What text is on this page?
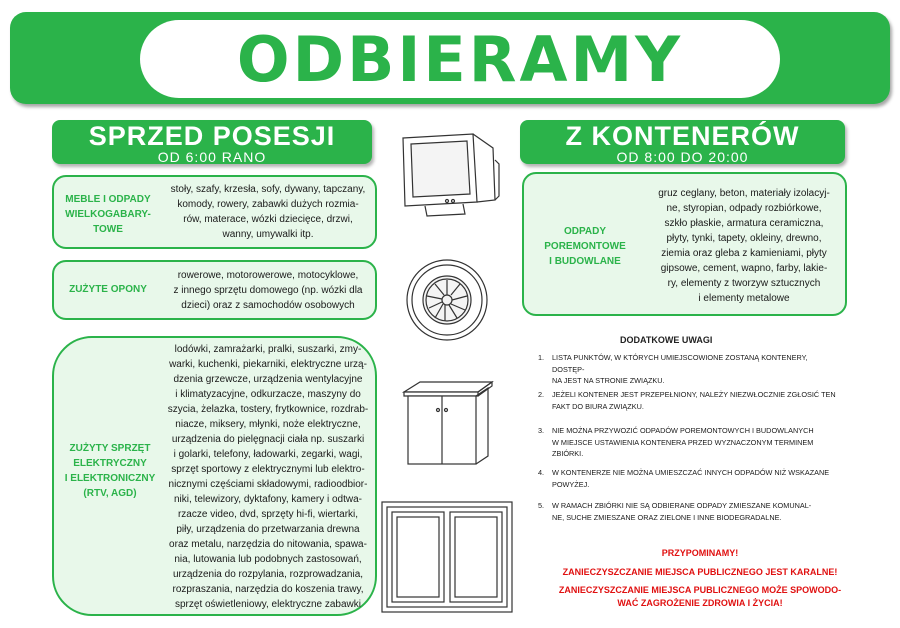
ODBIERAMY
SPRZED POSESJI
OD 6:00 RANO
Z KONTENERÓW
OD 8:00 DO 20:00
MEBLE I ODPADY
WIELKOGABARY-
TOWE
stoły, szafy, krzesła, sofy, dywany, tapczany,
komody, rowery, zabawki dużych rozmia-
rów, materace, wózki dziecięce, drzwi,
wanny, umywalki itp.
ZUŻYTE OPONY
rowerowe, motorowerowe, motocyklowe,
z innego sprzętu domowego (np. wózki dla
dzieci) oraz z samochodów osobowych
ZUŻYTY SPRZĘT
ELEKTRYCZNY
I ELEKTRONICZNY
(RTV, AGD)
lodówki, zamrażarki, pralki, suszarki, zmy-
warki, kuchenki, piekarniki, elektryczne urzą-
dzenia grzewcze, urządzenia wentylacyjne
i klimatyzacyjne, odkurzacze, maszyny do
szycia, żelazka, tostery, frytkownice, rozdrab-
niacze, miksery, młynki, noże elektryczne,
urządzenia do pielęgnacji ciała np. suszarki
i golarki, telefony, ładowarki, zegarki, wagi,
sprzęt sportowy z elektrycznymi lub elektro-
nicznymi częściami składowymi, radioodbior-
niki, telewizory, dyktafony, kamery i odtwa-
rzacze video, dvd, sprzęty hi-fi, wiertarki,
piły, urządzenia do przetwarzania drewna
oraz metalu, narzędzia do nitowania, spawa-
nia, lutowania lub podobnych zastosowań,
urządzenia do rozpylania, rozprowadzania,
rozpraszania, narzędzia do koszenia trawy,
sprzęt oświetleniowy, elektryczne zabawki
ODPADY
POREMONTOWE
I BUDOWLANE
gruz ceglany, beton, materiały izolacyj-
ne, styropian, odpady rozbiórkowe,
szkło płaskie, armatura ceramiczna,
płyty, tynki, tapety, okleiny, drewno,
ziemia oraz gleba z kamieniami, płyty
gipsowe, cement, wapno, farby, lakie-
ry, elementy z tworzyw sztucznych
i elementy metalowe
DODATKOWE UWAGI
1.	LISTA PUNKTÓW, W KTÓRYCH UMIEJSCOWIONE ZOSTANĄ KONTENERY, DOSTĘP-
NA JEST NA STRONIE ZWIĄZKU.
2.	JEŻELI KONTENER JEST PRZEPEŁNIONY, NALEŻY NIEZWŁOCZNIE ZGŁOSIĆ TEN
FAKT DO BIURA ZWIĄZKU.
3.	NIE MOŻNA PRZYWOZIĆ ODPADÓW POREMONTOWYCH I BUDOWLANYCH
W MIEJSCE USTAWIENIA KONTENERA PRZED WYZNACZONYM TERMINEM
ZBIÓRKI.
4.	W KONTENERZE NIE MOŻNA UMIESZCZAĆ INNYCH ODPADÓW NIŻ WSKAZANE
POWYŻEJ.
5.	W RAMACH ZBIÓRKI NIE SĄ ODBIERANE ODPADY ZMIESZANE KOMUNAL-
NE, SUCHE ZMIESZANE ORAZ ZIELONE I INNE BIODEGRADALNE.
PRZYPOMINAMY!
ZANIECZYSZCZANIE MIEJSCA PUBLICZNEGO JEST KARALNE!
ZANIECZYSZCZANIE MIEJSCA PUBLICZNEGO MOŻE SPOWODO-
WAĆ ZAGROŻENIE ZDROWIA I ŻYCIA!
